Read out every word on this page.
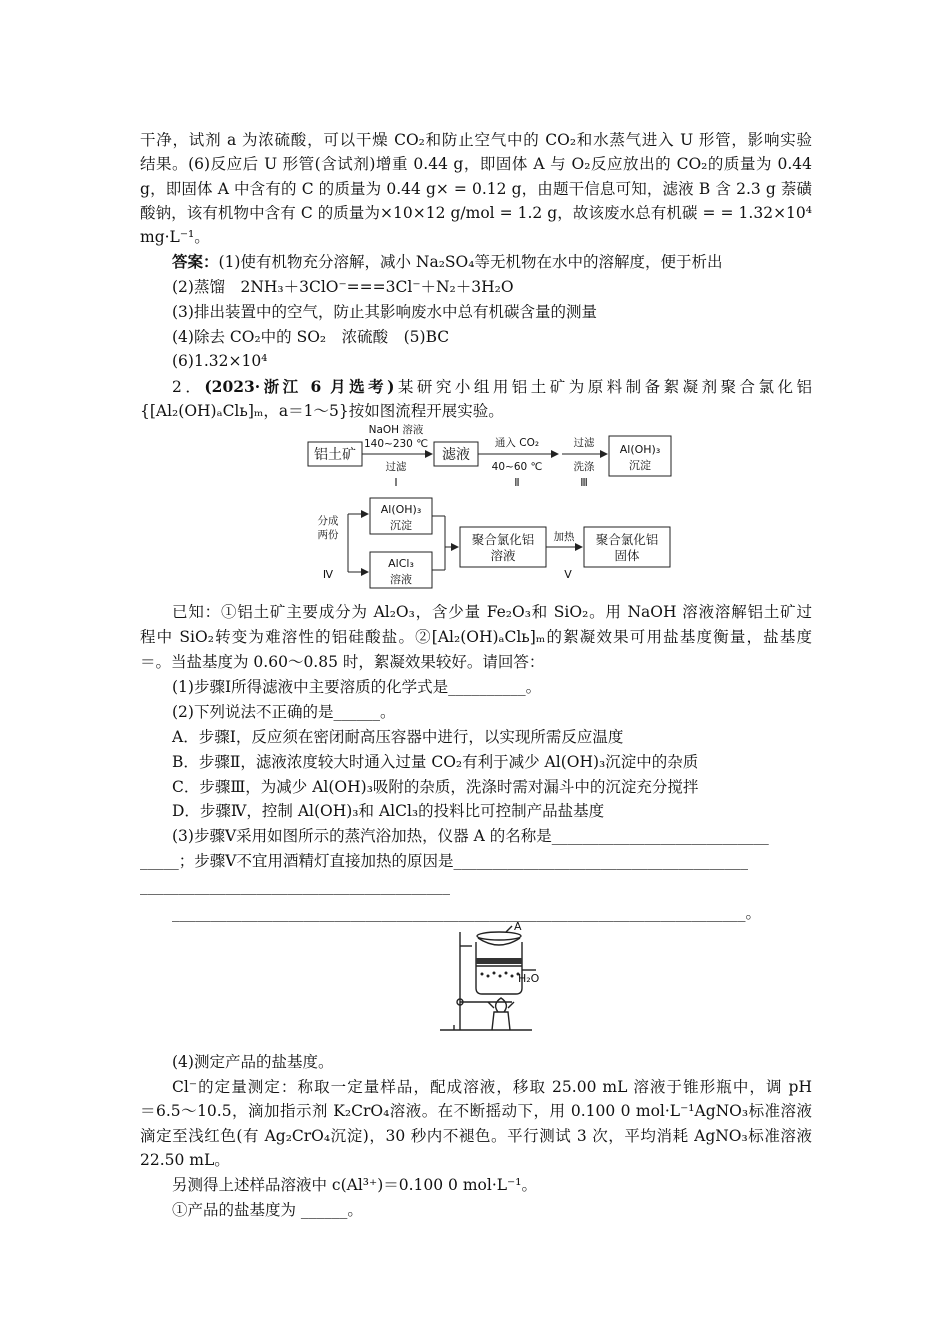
干净，试剂 a 为浓硫酸，可以干燥 CO₂和防止空气中的 CO₂和水蒸气进入 U 形管，影响实验
结果。(6)反应后 U 形管(含试剂)增重 0.44 g，即固体 A 与 O₂反应放出的 CO₂的质量为 0.44
g，即固体 A 中含有的 C 的质量为 0.44 g× = 0.12 g，由题干信息可知，滤液 B 含 2.3 g 萘磺
酸钠，该有机物中含有 C 的质量为×10×12 g/mol = 1.2 g，故该废水总有机碳 = = 1.32×10⁴
mg·L⁻¹。
答案：(1)使有机物充分溶解，减小 Na₂SO₄等无机物在水中的溶解度，便于析出
(2)蒸馏　2NH₃＋3ClO⁻===3Cl⁻＋N₂＋3H₂O
(3)排出装置中的空气，防止其影响废水中总有机碳含量的测量
(4)除去 CO₂中的 SO₂　浓硫酸　(5)BC
(6)1.32×10⁴
2．(2023·浙江 6 月选考)某研究小组用铝土矿为原料制备絮凝剂聚合氯化铝
{[Al₂(OH)ₐClь]ₘ，a＝1～5}按如图流程开展实验。
铝土矿
NaOH 溶液
140~230 ℃
过滤
Ⅰ
滤液
通入 CO₂
40~60 ℃
Ⅱ
过滤
洗涤
Ⅲ
Al(OH)₃
沉淀
分成
两份
Ⅳ
Al(OH)₃
沉淀
AlCl₃
溶液
聚合氯化铝
溶液
加热
Ⅴ
聚合氯化铝
固体
已知：①铝土矿主要成分为 Al₂O₃，含少量 Fe₂O₃和 SiO₂。用 NaOH 溶液溶解铝土矿过
程中 SiO₂转变为难溶性的铝硅酸盐。②[Al₂(OH)ₐClь]ₘ的絮凝效果可用盐基度衡量，盐基度
＝。当盐基度为 0.60～0.85 时，絮凝效果较好。请回答：
(1)步骤Ⅰ所得滤液中主要溶质的化学式是__________。
(2)下列说法不正确的是______。
A．步骤Ⅰ，反应须在密闭耐高压容器中进行，以实现所需反应温度
B．步骤Ⅱ，滤液浓度较大时通入过量 CO₂有利于减少 Al(OH)₃沉淀中的杂质
C．步骤Ⅲ，为减少 Al(OH)₃吸附的杂质，洗涤时需对漏斗中的沉淀充分搅拌
D．步骤Ⅳ，控制 Al(OH)₃和 AlCl₃的投料比可控制产品盐基度
(3)步骤Ⅴ采用如图所示的蒸汽浴加热，仪器 A 的名称是____________________________
_____；步骤Ⅴ不宜用酒精灯直接加热的原因是______________________________________
________________________________________
__________________________________________________________________________。
A
H₂O
(4)测定产品的盐基度。
Cl⁻的定量测定：称取一定量样品，配成溶液，移取 25.00 mL 溶液于锥形瓶中，调 pH
＝6.5～10.5，滴加指示剂 K₂CrO₄溶液。在不断摇动下，用 0.100 0 mol·L⁻¹AgNO₃标准溶液
滴定至浅红色(有 Ag₂CrO₄沉淀)，30 秒内不褪色。平行测试 3 次，平均消耗 AgNO₃标准溶液
22.50 mL。
另测得上述样品溶液中 c(Al³⁺)＝0.100 0 mol·L⁻¹。
①产品的盐基度为 ______。
